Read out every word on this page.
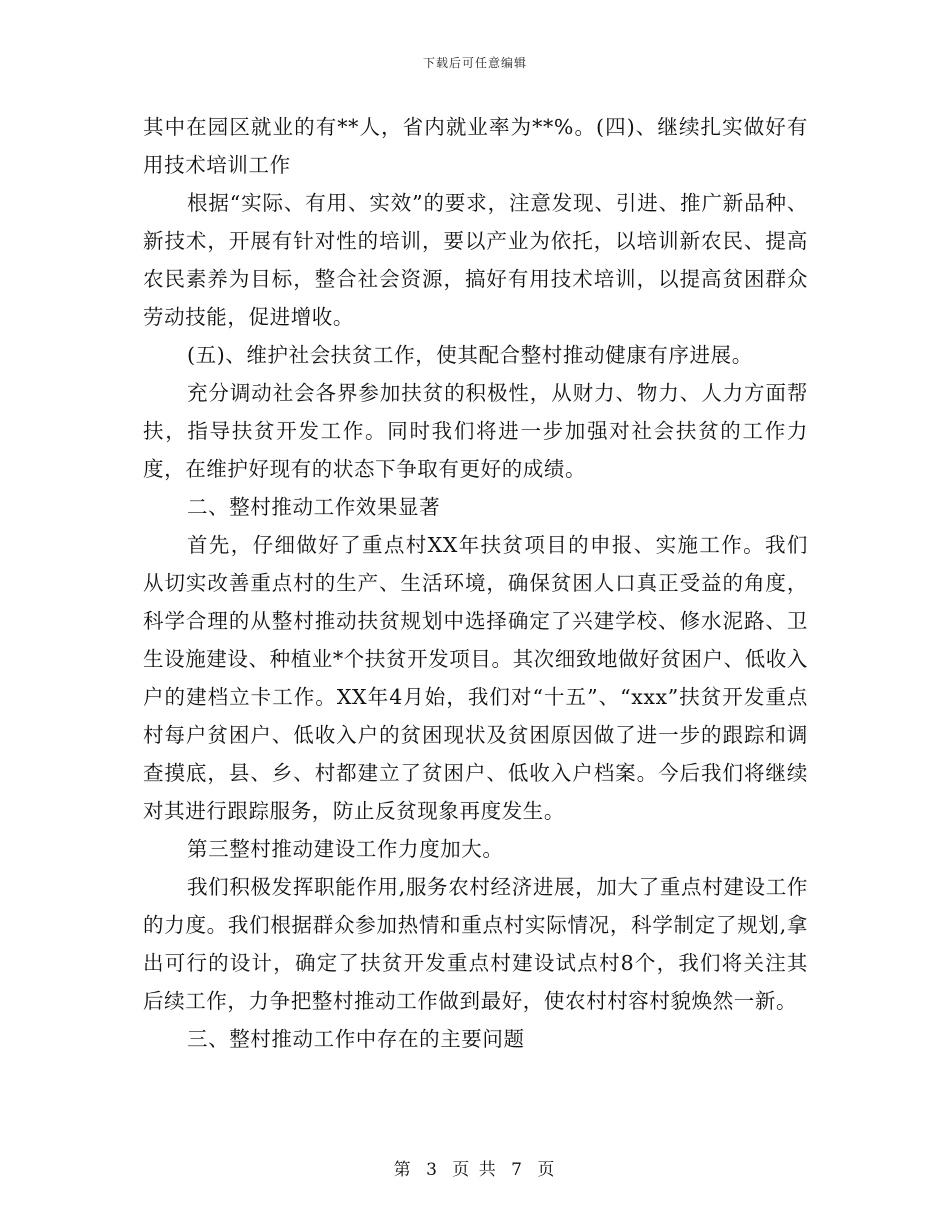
下载后可任意编辑

其中在园区就业的有**人，省内就业率为**%。(四)、继续扎实做好有用技术培训工作

根据“实际、有用、实效”的要求，注意发现、引进、推广新品种、新技术，开展有针对性的培训，要以产业为依托，以培训新农民、提高农民素养为目标，整合社会资源，搞好有用技术培训，以提高贫困群众劳动技能，促进增收。

(五)、维护社会扶贫工作，使其配合整村推动健康有序进展。

充分调动社会各界参加扶贫的积极性，从财力、物力、人力方面帮扶，指导扶贫开发工作。同时我们将进一步加强对社会扶贫的工作力度，在维护好现有的状态下争取有更好的成绩。

二、整村推动工作效果显著

首先，仔细做好了重点村XX年扶贫项目的申报、实施工作。我们从切实改善重点村的生产、生活环境，确保贫困人口真正受益的角度，科学合理的从整村推动扶贫规划中选择确定了兴建学校、修水泥路、卫生设施建设、种植业*个扶贫开发项目。其次细致地做好贫困户、低收入户的建档立卡工作。XX年4月始，我们对“十五”、“xxx”扶贫开发重点村每户贫困户、低收入户的贫困现状及贫困原因做了进一步的跟踪和调查摸底，县、乡、村都建立了贫困户、低收入户档案。今后我们将继续对其进行跟踪服务，防止反贫现象再度发生。

第三整村推动建设工作力度加大。

我们积极发挥职能作用,服务农村经济进展，加大了重点村建设工作的力度。我们根据群众参加热情和重点村实际情况，科学制定了规划,拿出可行的设计，确定了扶贫开发重点村建设试点村8个，我们将关注其后续工作，力争把整村推动工作做到最好，使农村村容村貌焕然一新。

三、整村推动工作中存在的主要问题

第 3 页 共 7 页
